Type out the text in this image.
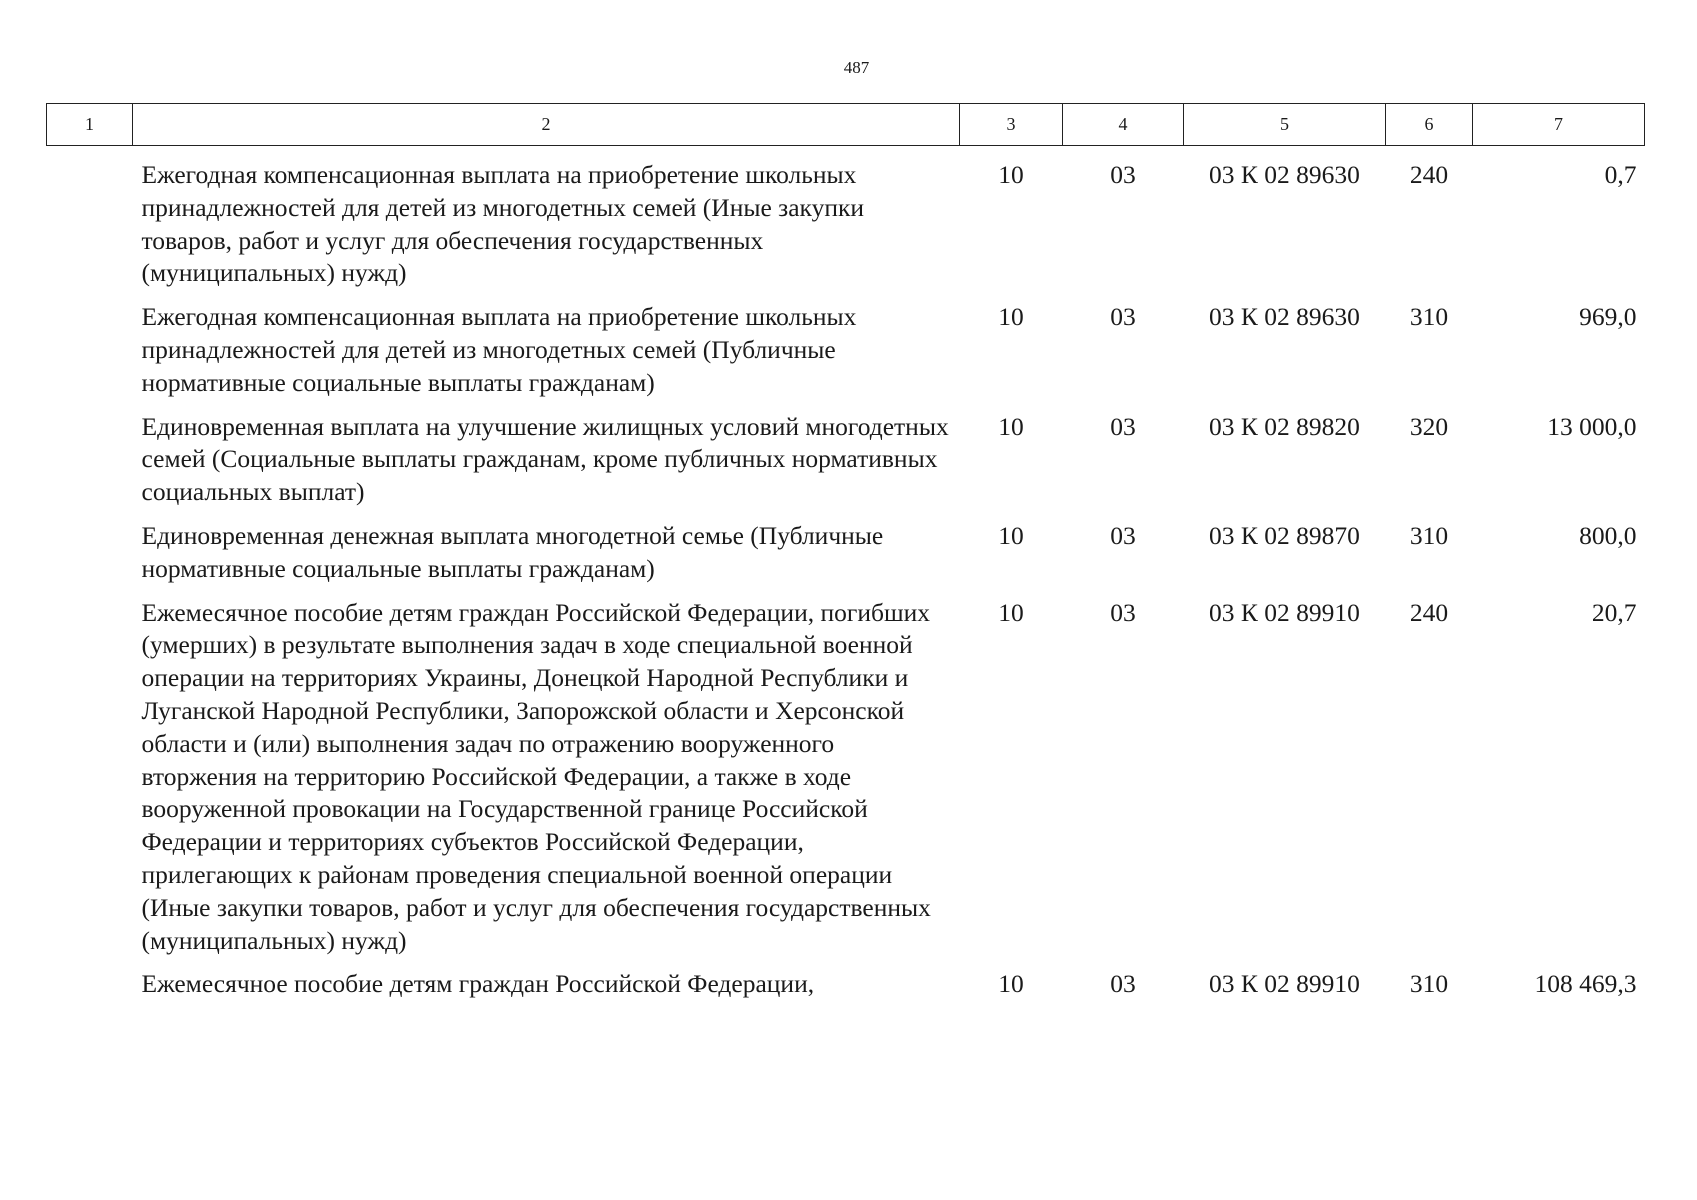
487
1	2	3	4	5	6	7
	Ежегодная компенсационная выплата на приобретение школьных принадлежностей для детей из многодетных семей (Иные закупки товаров, работ и услуг для обеспечения государственных (муниципальных) нужд)	10	03	03 К 02 89630	240	0,7
	Ежегодная компенсационная выплата на приобретение школьных принадлежностей для детей из многодетных семей (Публичные нормативные социальные выплаты гражданам)	10	03	03 К 02 89630	310	969,0
	Единовременная выплата на улучшение жилищных условий многодетных семей (Социальные выплаты гражданам, кроме публичных нормативных социальных выплат)	10	03	03 К 02 89820	320	13 000,0
	Единовременная денежная выплата многодетной семье (Публичные нормативные социальные выплаты гражданам)	10	03	03 К 02 89870	310	800,0
	Ежемесячное пособие детям граждан Российской Федерации, погибших (умерших) в результате выполнения задач в ходе специальной военной операции на территориях Украины, Донецкой Народной Республики и Луганской Народной Республики, Запорожской области и Херсонской области и (или) выполнения задач по отражению вооруженного вторжения на территорию Российской Федерации, а также в ходе вооруженной провокации на Государственной границе Российской Федерации и территориях субъектов Российской Федерации, прилегающих к районам проведения специальной военной операции (Иные закупки товаров, работ и услуг для обеспечения государственных (муниципальных) нужд)	10	03	03 К 02 89910	240	20,7
	Ежемесячное пособие детям граждан Российской Федерации,	10	03	03 К 02 89910	310	108 469,3
